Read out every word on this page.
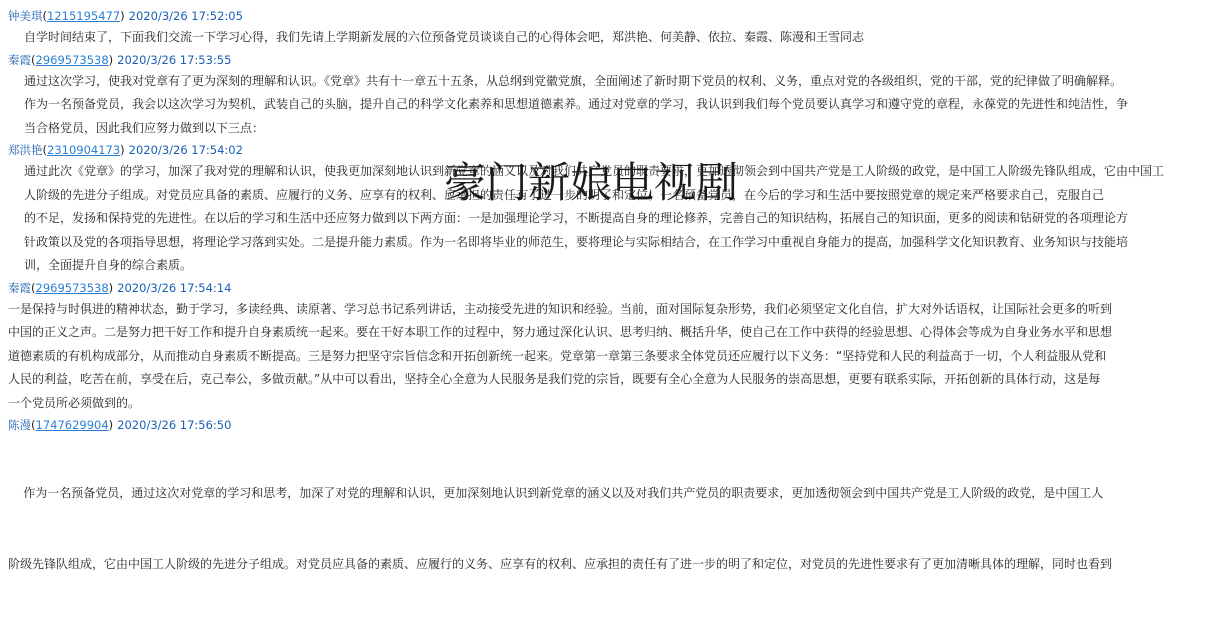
钟美琪(1215195477) 2020/3/26 17:52:05
自学时间结束了，下面我们交流一下学习心得，我们先请上学期新发展的六位预备党员谈谈自己的心得体会吧，郑洪艳、何美静、依拉、秦霞、陈漫和王雪同志
秦霞(2969573538) 2020/3/26 17:53:55
通过这次学习，使我对党章有了更为深刻的理解和认识。《党章》共有十一章五十五条，从总纲到党徽党旗，全面阐述了新时期下党员的权利、义务，重点对党的各级组织，党的干部，党的纪律做了明确解释。
作为一名预备党员，我会以这次学习为契机，武装自己的头脑，提升自己的科学文化素养和思想道德素养。通过对党章的学习，我认识到我们每个党员要认真学习和遵守党的章程，永葆党的先进性和纯洁性，争
当合格党员，因此我们应努力做到以下三点：
郑洪艳(2310904173) 2020/3/26 17:54:02
通过此次《党章》的学习，加深了我对党的理解和认识，使我更加深刻地认识到新党章的涵义以及对我们共产党员的职责要求，更加透彻领会到中国共产党是工人阶级的政党，是中国工人阶级先锋队组成，它由中国工
人阶级的先进分子组成。对党员应具备的素质、应履行的义务、应享有的权利、应承担的责任有了进一步的明了和定位。一名预备党员，在今后的学习和生活中要按照党章的规定来严格要求自己，克服自己
的不足，发扬和保持党的先进性。在以后的学习和生活中还应努力做到以下两方面：一是加强理论学习，不断提高自身的理论修养，完善自己的知识结构，拓展自己的知识面，更多的阅读和钻研党的各项理论方
针政策以及党的各项指导思想，将理论学习落到实处。二是提升能力素质。作为一名即将毕业的师范生，要将理论与实际相结合，在工作学习中重视自身能力的提高，加强科学文化知识教育、业务知识与技能培
训，全面提升自身的综合素质。
秦霞(2969573538) 2020/3/26 17:54:14
一是保持与时俱进的精神状态，勤于学习，多读经典、读原著、学习总书记系列讲话，主动接受先进的知识和经验。当前，面对国际复杂形势，我们必须坚定文化自信，扩大对外话语权，让国际社会更多的听到
中国的正义之声。二是努力把干好工作和提升自身素质统一起来。要在干好本职工作的过程中，努力通过深化认识、思考归纳、概括升华，使自己在工作中获得的经验思想、心得体会等成为自身业务水平和思想
道德素质的有机构成部分，从而推动自身素质不断提高。三是努力把坚守宗旨信念和开拓创新统一起来。党章第一章第三条要求全体党员还应履行以下义务：“坚持党和人民的利益高于一切，个人利益服从党和
人民的利益，吃苦在前，享受在后，克己奉公，多做贡献。”从中可以看出，坚持全心全意为人民服务是我们党的宗旨，既要有全心全意为人民服务的崇高思想，更要有联系实际，开拓创新的具体行动，这是每
一个党员所必须做到的。
陈漫(1747629904) 2020/3/26 17:56:50

作为一名预备党员，通过这次对党章的学习和思考，加深了对党的理解和认识，更加深刻地认识到新党章的涵义以及对我们共产党员的职责要求，更加透彻领会到中国共产党是工人阶级的政党，是中国工人

阶级先锋队组成，它由中国工人阶级的先进分子组成。对党员应具备的素质、应履行的义务、应享有的权利、应承担的责任有了进一步的明了和定位，对党员的先进性要求有了更加清晰具体的理解，同时也看到

豪门新娘电视剧
